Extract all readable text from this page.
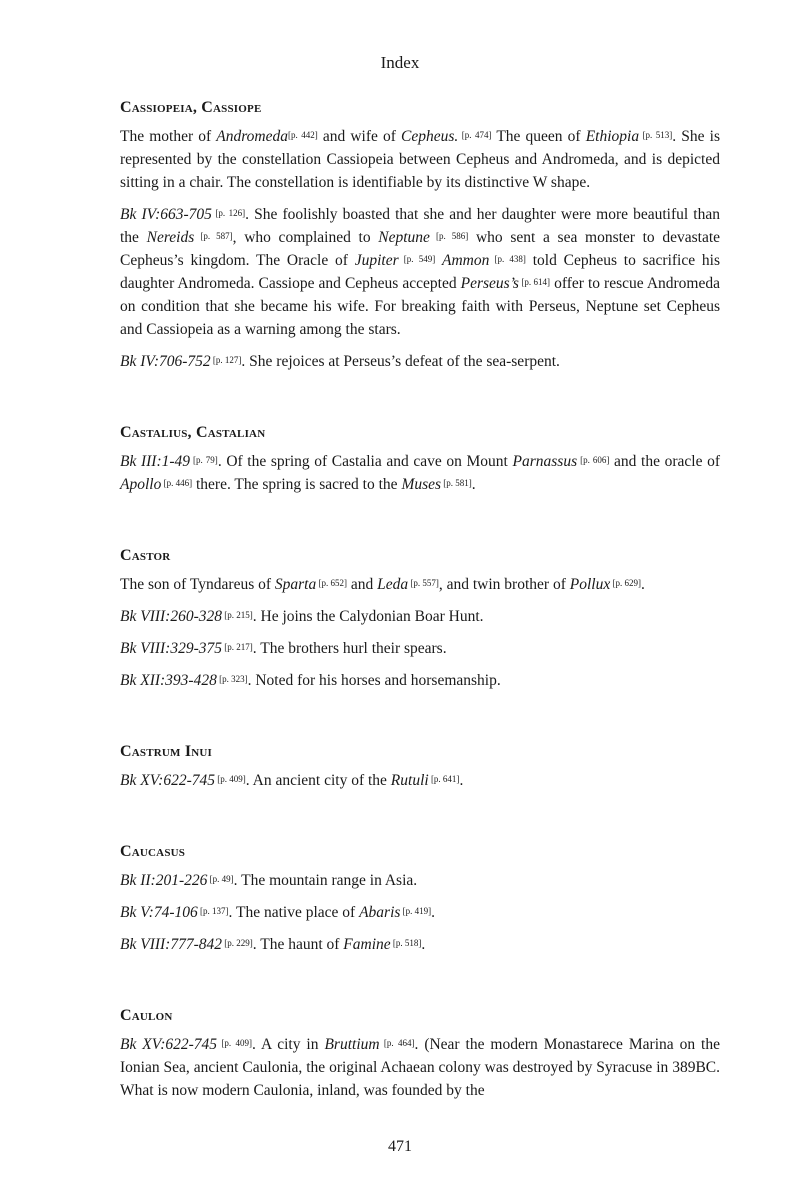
Index
Cassiopeia, Cassiope
The mother of Andromeda[p. 442] and wife of Cepheus. [p. 474] The queen of Ethiopia [p. 513]. She is represented by the constellation Cassiopeia between Cepheus and Andromeda, and is depicted sitting in a chair. The constellation is identifiable by its distinctive W shape.
Bk IV:663-705 [p. 126]. She foolishly boasted that she and her daughter were more beautiful than the Nereids [p. 587], who complained to Neptune [p. 586] who sent a sea monster to devastate Cepheus’s kingdom. The Oracle of Jupiter [p. 549] Ammon [p. 438] told Cepheus to sacrifice his daughter Andromeda. Cassiope and Cepheus accepted Perseus’s [p. 614] offer to rescue Andromeda on condition that she became his wife. For breaking faith with Perseus, Neptune set Cepheus and Cassiopeia as a warning among the stars.
Bk IV:706-752 [p. 127]. She rejoices at Perseus’s defeat of the sea-serpent.
Castalius, Castalian
Bk III:1-49 [p. 79]. Of the spring of Castalia and cave on Mount Parnassus [p. 606] and the oracle of Apollo [p. 446] there. The spring is sacred to the Muses [p. 581].
Castor
The son of Tyndareus of Sparta [p. 652] and Leda [p. 557], and twin brother of Pollux [p. 629].
Bk VIII:260-328 [p. 215]. He joins the Calydonian Boar Hunt.
Bk VIII:329-375 [p. 217]. The brothers hurl their spears.
Bk XII:393-428 [p. 323]. Noted for his horses and horsemanship.
Castrum Inui
Bk XV:622-745 [p. 409]. An ancient city of the Rutuli [p. 641].
Caucasus
Bk II:201-226 [p. 49]. The mountain range in Asia.
Bk V:74-106 [p. 137]. The native place of Abaris [p. 419].
Bk VIII:777-842 [p. 229]. The haunt of Famine [p. 518].
Caulon
Bk XV:622-745 [p. 409]. A city in Bruttium [p. 464]. (Near the modern Monastarece Marina on the Ionian Sea, ancient Caulonia, the original Achaean colony was destroyed by Syracuse in 389BC. What is now modern Caulonia, inland, was founded by the
471
